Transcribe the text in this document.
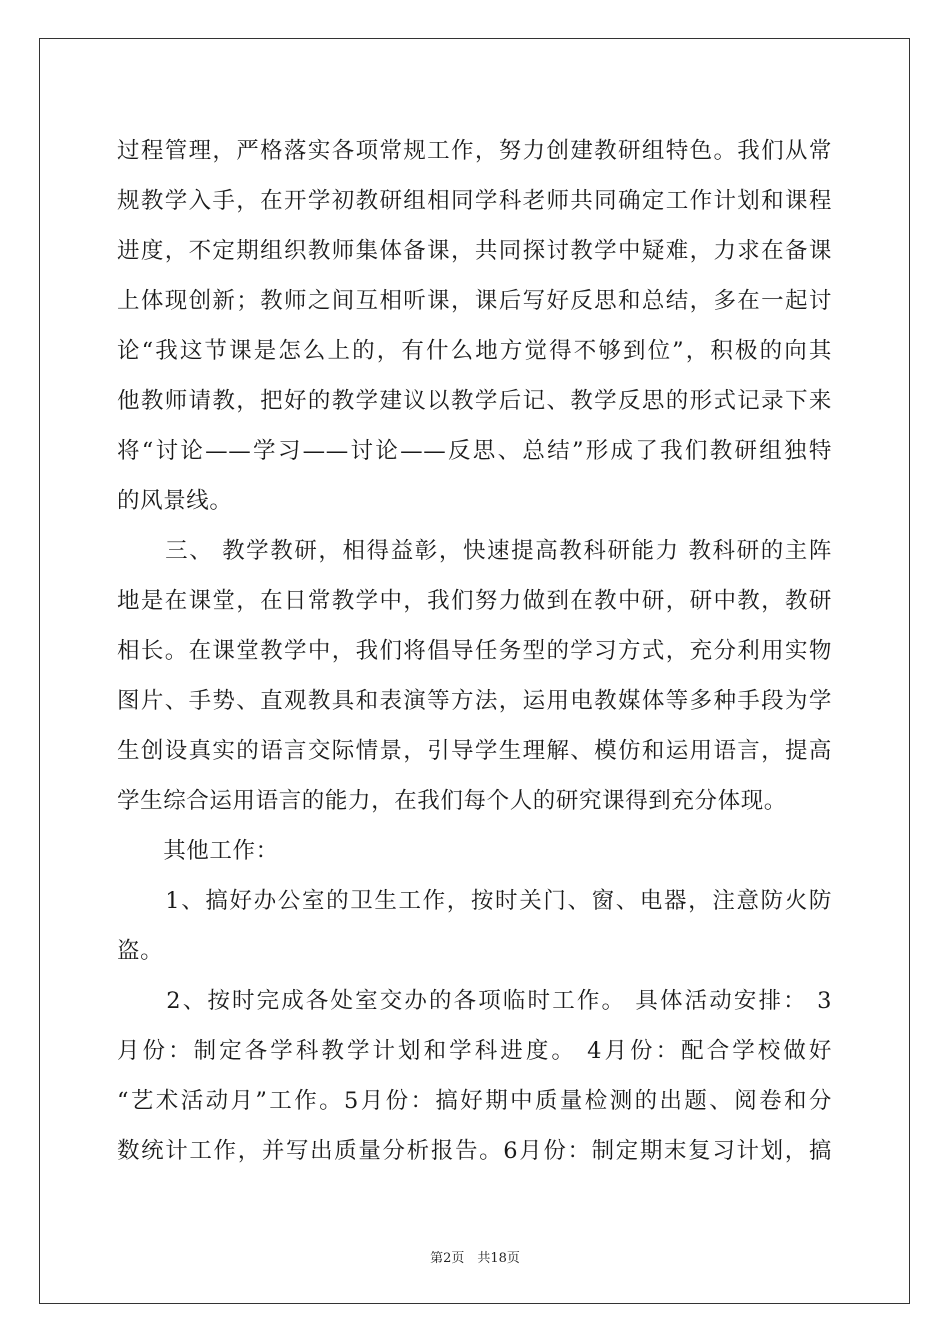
过程管理，严格落实各项常规工作，努力创建教研组特色。我们从常
规教学入手，在开学初教研组相同学科老师共同确定工作计划和课程
进度，不定期组织教师集体备课，共同探讨教学中疑难，力求在备课
上体现创新；教师之间互相听课，课后写好反思和总结，多在一起讨
论“我这节课是怎么上的，有什么地方觉得不够到位”，积极的向其
他教师请教，把好的教学建议以教学后记、教学反思的形式记录下来
将“讨论——学习——讨论——反思、总结”形成了我们教研组独特
的风景线。
　　三、 教学教研，相得益彰，快速提高教科研能力 教科研的主阵
地是在课堂，在日常教学中，我们努力做到在教中研，研中教，教研
相长。在课堂教学中，我们将倡导任务型的学习方式，充分利用实物
图片、手势、直观教具和表演等方法，运用电教媒体等多种手段为学
生创设真实的语言交际情景，引导学生理解、模仿和运用语言，提高
学生综合运用语言的能力，在我们每个人的研究课得到充分体现。
　　其他工作：
　　1、搞好办公室的卫生工作，按时关门、窗、电器，注意防火防
盗。
　　2、按时完成各处室交办的各项临时工作。 具体活动安排： 3
月份：制定各学科教学计划和学科进度。 4月份：配合学校做好
“艺术活动月”工作。5月份：搞好期中质量检测的出题、阅卷和分
数统计工作，并写出质量分析报告。6月份：制定期末复习计划，搞
第2页　共18页
